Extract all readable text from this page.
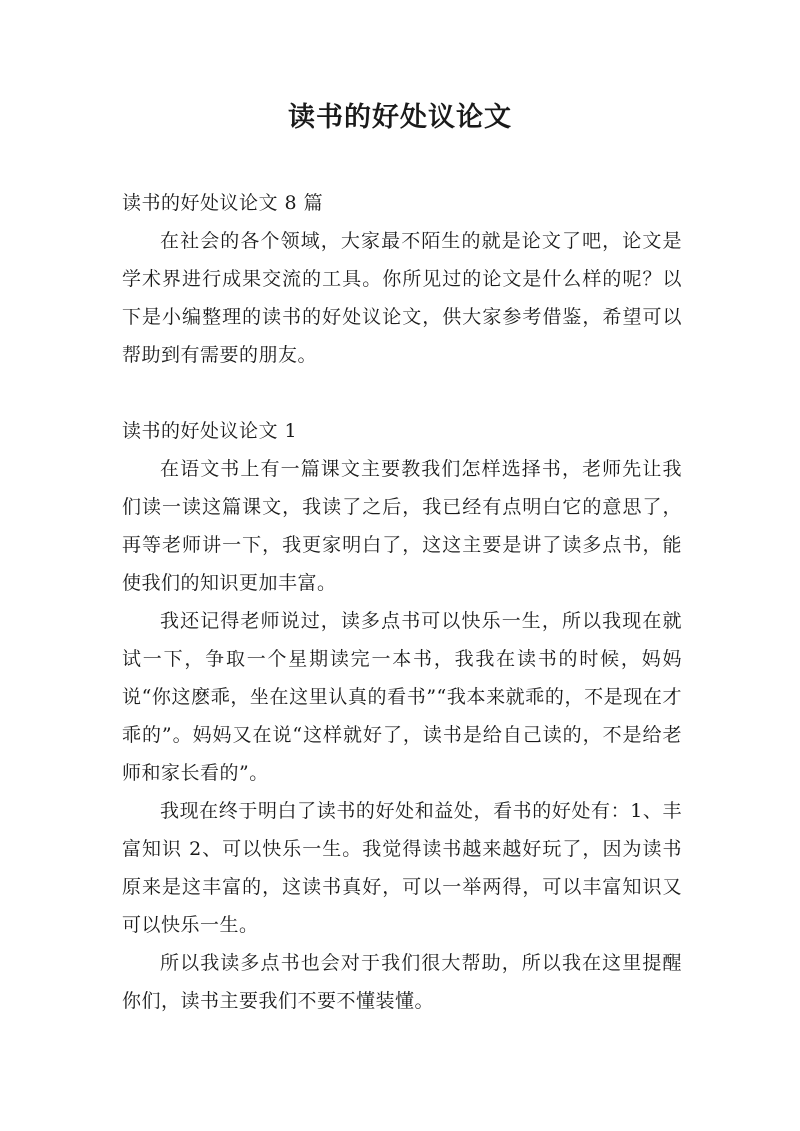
读书的好处议论文

读书的好处议论文 8 篇

在社会的各个领域，大家最不陌生的就是论文了吧，论文是学术界进行成果交流的工具。你所见过的论文是什么样的呢？以下是小编整理的读书的好处议论文，供大家参考借鉴，希望可以帮助到有需要的朋友。

读书的好处议论文 1

在语文书上有一篇课文主要教我们怎样选择书，老师先让我们读一读这篇课文，我读了之后，我已经有点明白它的意思了，再等老师讲一下，我更家明白了，这这主要是讲了读多点书，能使我们的知识更加丰富。

我还记得老师说过，读多点书可以快乐一生，所以我现在就试一下，争取一个星期读完一本书，我我在读书的时候，妈妈说“你这麽乖，坐在这里认真的看书”“我本来就乖的，不是现在才乖的”。妈妈又在说“这样就好了，读书是给自己读的，不是给老师和家长看的”。

我现在终于明白了读书的好处和益处，看书的好处有：1、丰富知识 2、可以快乐一生。我觉得读书越来越好玩了，因为读书原来是这丰富的，这读书真好，可以一举两得，可以丰富知识又可以快乐一生。

所以我读多点书也会对于我们很大帮助，所以我在这里提醒你们，读书主要我们不要不懂装懂。
